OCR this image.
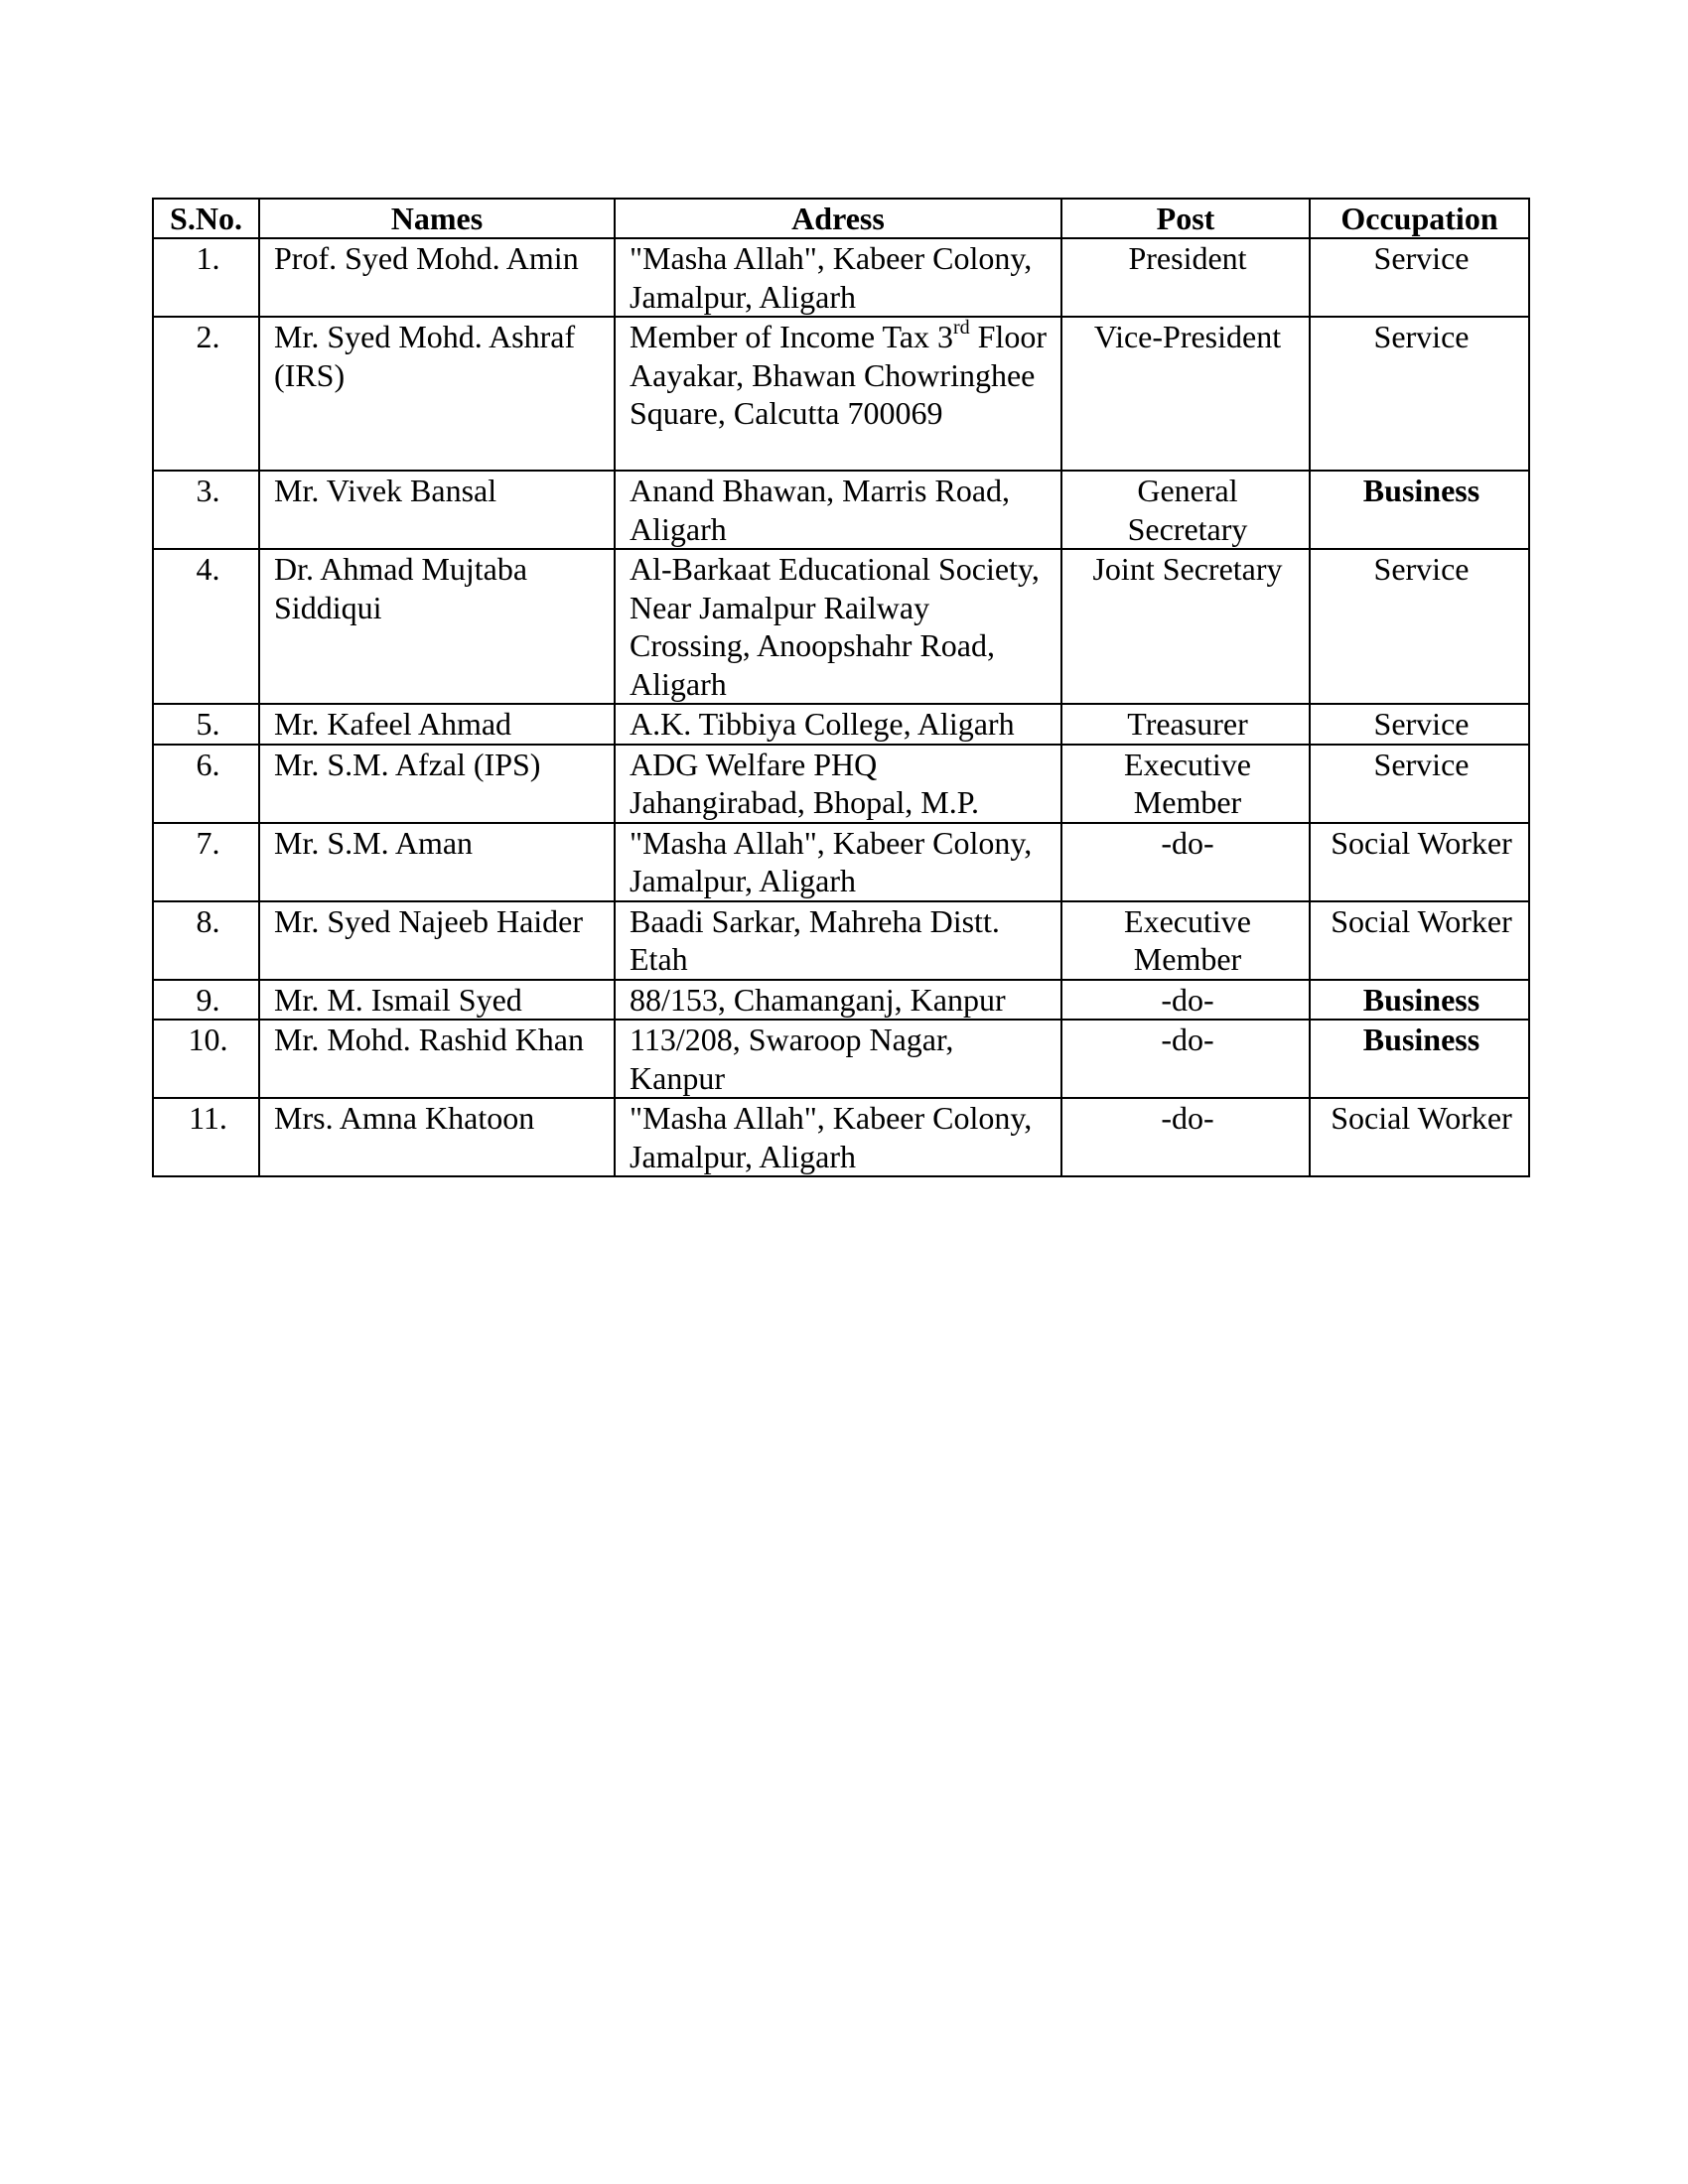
S.No.	Names	Adress	Post	Occupation
1.	Prof. Syed Mohd. Amin	"Masha Allah", Kabeer Colony, Jamalpur, Aligarh	President	Service
2.	Mr. Syed Mohd. Ashraf (IRS)	Member of Income Tax 3rd Floor Aayakar, Bhawan Chowringhee Square, Calcutta 700069	Vice-President	Service
3.	Mr. Vivek Bansal	Anand Bhawan, Marris Road, Aligarh	General Secretary	Business
4.	Dr. Ahmad Mujtaba Siddiqui	Al-Barkaat Educational Society, Near Jamalpur Railway Crossing, Anoopshahr Road, Aligarh	Joint Secretary	Service
5.	Mr. Kafeel Ahmad	A.K. Tibbiya College, Aligarh	Treasurer	Service
6.	Mr. S.M. Afzal (IPS)	ADG Welfare PHQ Jahangirabad, Bhopal, M.P.	Executive Member	Service
7.	Mr. S.M. Aman	"Masha Allah", Kabeer Colony, Jamalpur, Aligarh	-do-	Social Worker
8.	Mr. Syed Najeeb Haider	Baadi Sarkar, Mahreha Distt. Etah	Executive Member	Social Worker
9.	Mr. M. Ismail Syed	88/153, Chamanganj, Kanpur	-do-	Business
10.	Mr. Mohd. Rashid Khan	113/208, Swaroop Nagar, Kanpur	-do-	Business
11.	Mrs. Amna Khatoon	"Masha Allah", Kabeer Colony, Jamalpur, Aligarh	-do-	Social Worker
